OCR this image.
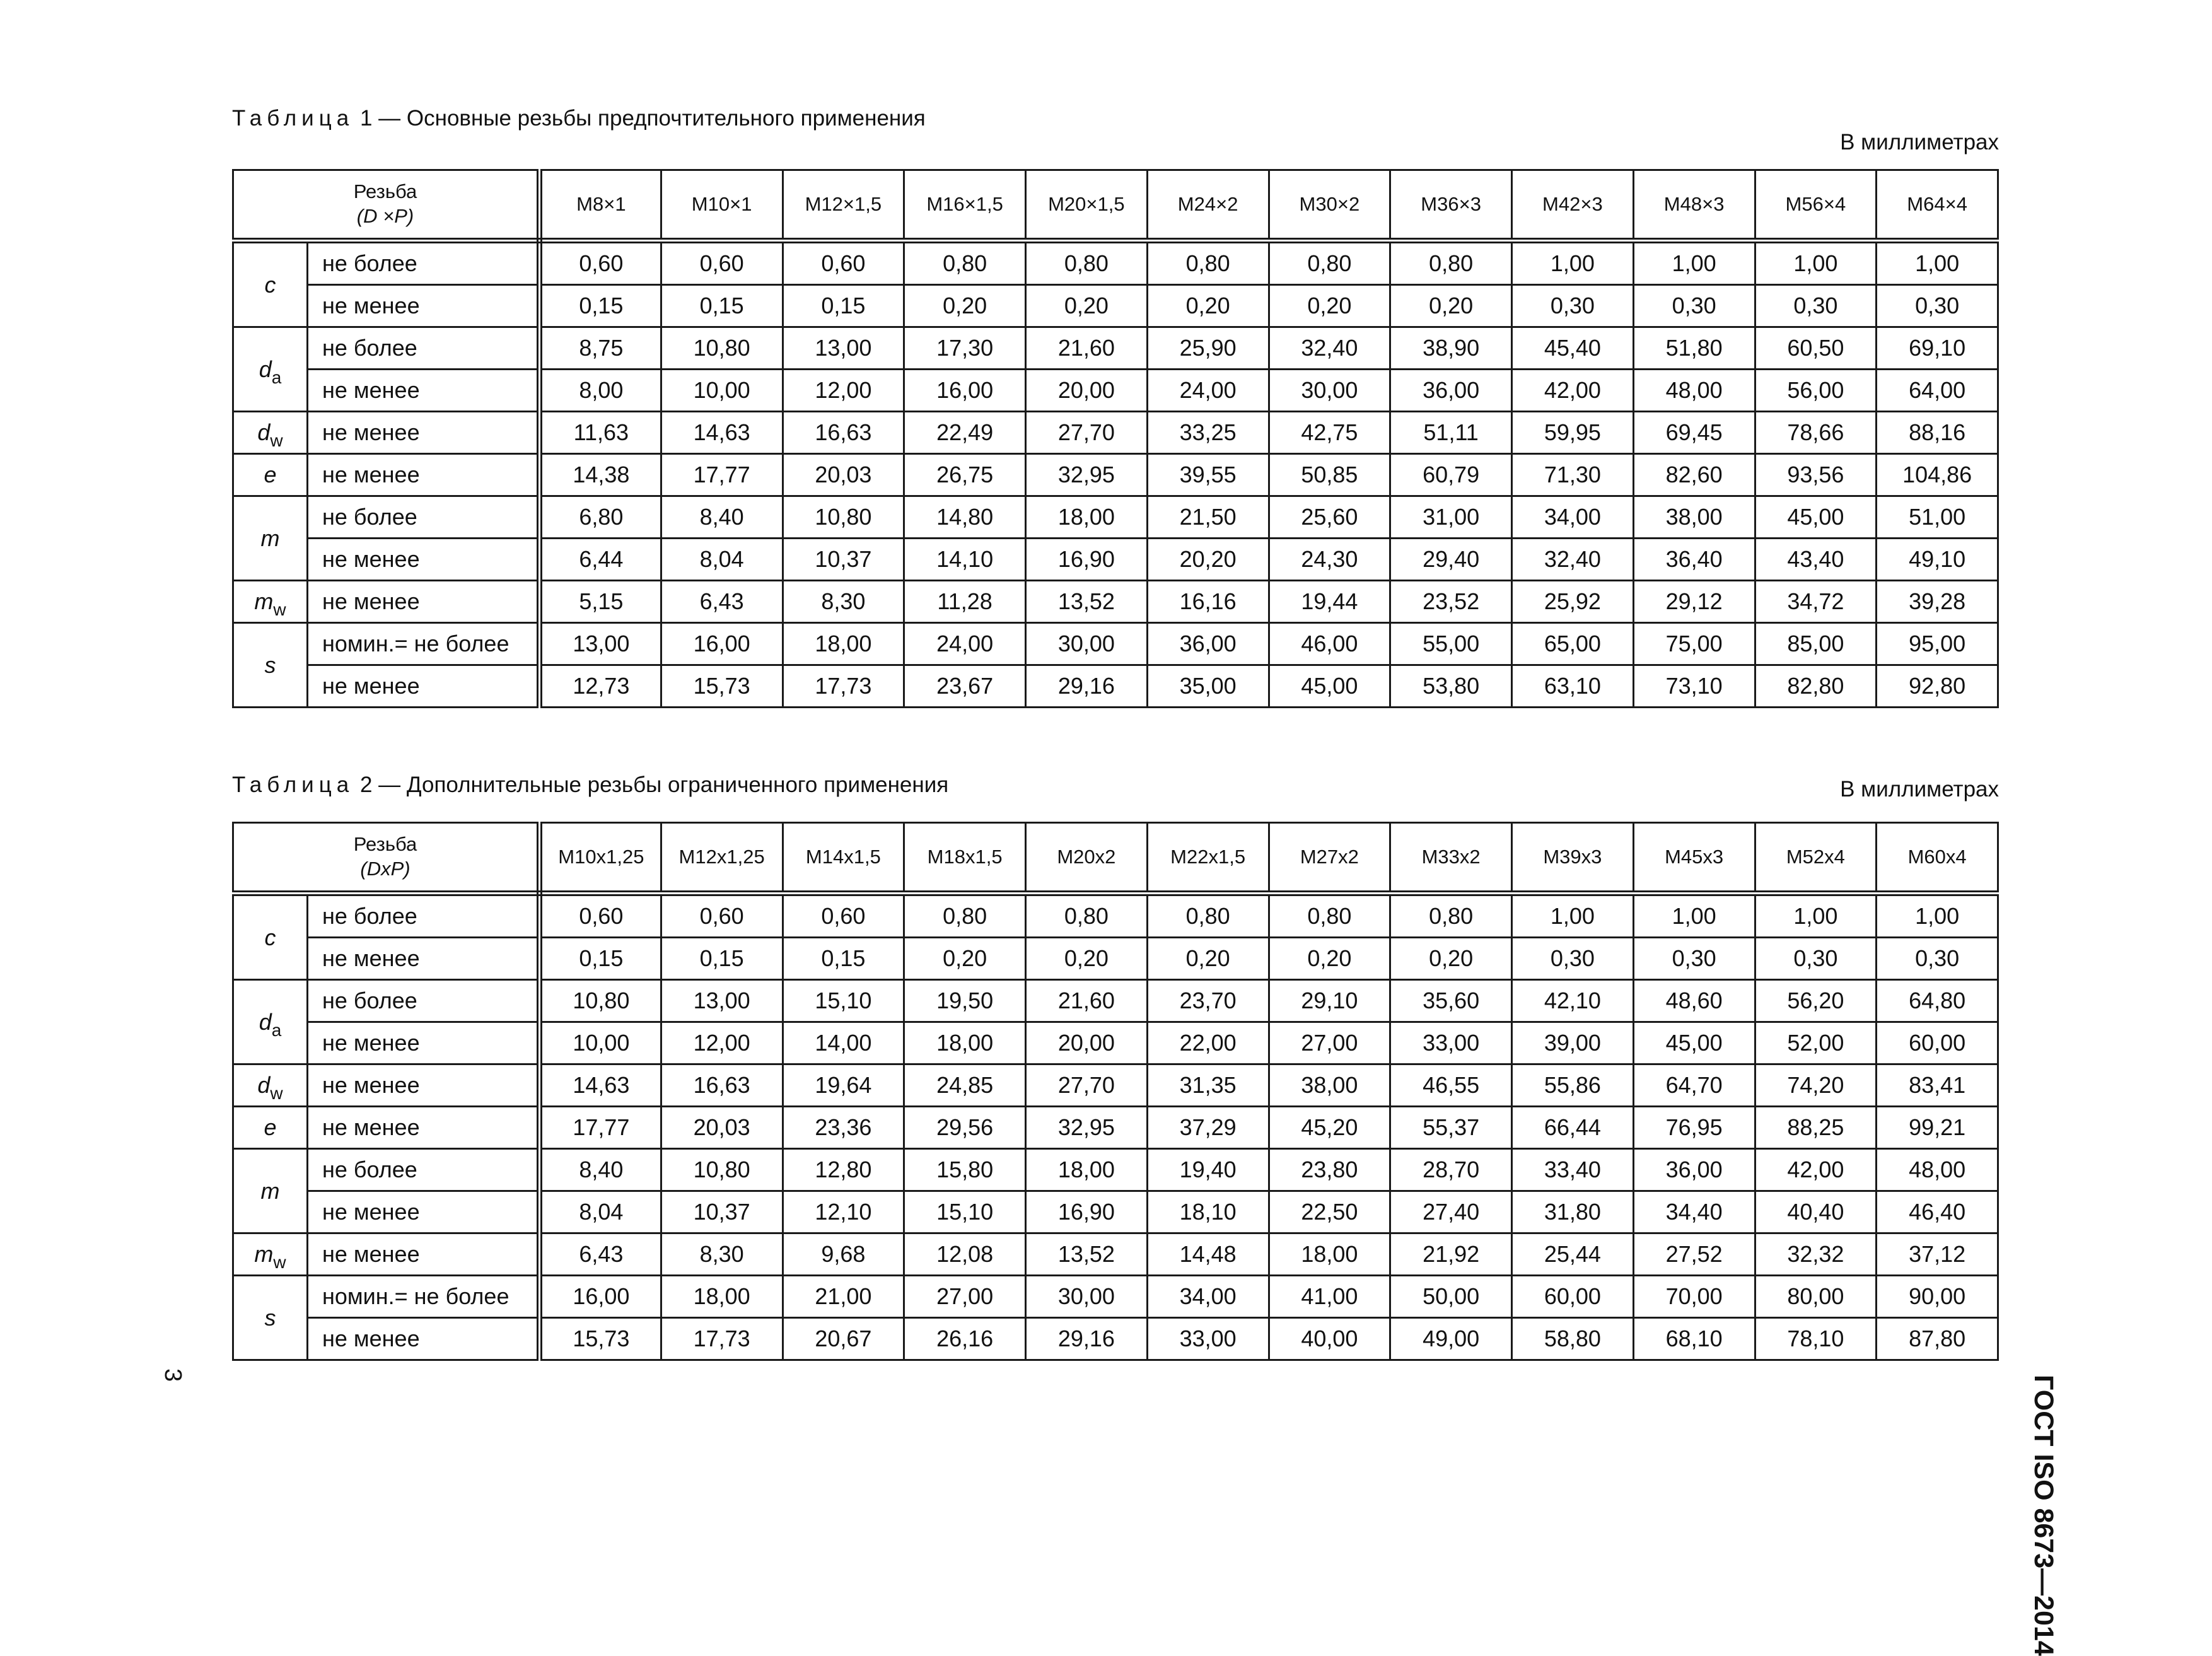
Таблица 1 — Основные резьбы предпочтительного применения
В миллиметрах
Резьба
(D ×P)		M8×1	M10×1	M12×1,5	M16×1,5	M20×1,5	M24×2	M30×2	M36×3	M42×3	M48×3	M56×4	M64×4
c	не более	0,60	0,60	0,60	0,80	0,80	0,80	0,80	0,80	1,00	1,00	1,00	1,00
	не менее	0,15	0,15	0,15	0,20	0,20	0,20	0,20	0,20	0,30	0,30	0,30	0,30
$d_a$	не более	8,75	10,80	13,00	17,30	21,60	25,90	32,40	38,90	45,40	51,80	60,50	69,10
	не менее	8,00	10,00	12,00	16,00	20,00	24,00	30,00	36,00	42,00	48,00	56,00	64,00
$d_w$	не менее	11,63	14,63	16,63	22,49	27,70	33,25	42,75	51,11	59,95	69,45	78,66	88,16
e	не менее	14,38	17,77	20,03	26,75	32,95	39,55	50,85	60,79	71,30	82,60	93,56	104,86
m	не более	6,80	8,40	10,80	14,80	18,00	21,50	25,60	31,00	34,00	38,00	45,00	51,00
	не менее	6,44	8,04	10,37	14,10	16,90	20,20	24,30	29,40	32,40	36,40	43,40	49,10
$m_w$	не менее	5,15	6,43	8,30	11,28	13,52	16,16	19,44	23,52	25,92	29,12	34,72	39,28
s	номин.= не более	13,00	16,00	18,00	24,00	30,00	36,00	46,00	55,00	65,00	75,00	85,00	95,00
	не менее	12,73	15,73	17,73	23,67	29,16	35,00	45,00	53,80	63,10	73,10	82,80	92,80
Таблица 2 — Дополнительные резьбы ограниченного применения	В миллиметрах
Резьба
(DxP)		M10x1,25	M12x1,25	M14x1,5	M18x1,5	M20x2	M22x1,5	M27x2	M33x2	M39x3	M45x3	M52x4	M60x4
c	не более	0,60	0,60	0,60	0,80	0,80	0,80	0,80	0,80	1,00	1,00	1,00	1,00
	не менее	0,15	0,15	0,15	0,20	0,20	0,20	0,20	0,20	0,30	0,30	0,30	0,30
$d_a$	не более	10,80	13,00	15,10	19,50	21,60	23,70	29,10	35,60	42,10	48,60	56,20	64,80
	не менее	10,00	12,00	14,00	18,00	20,00	22,00	27,00	33,00	39,00	45,00	52,00	60,00
$d_w$	не менее	14,63	16,63	19,64	24,85	27,70	31,35	38,00	46,55	55,86	64,70	74,20	83,41
e	не менее	17,77	20,03	23,36	29,56	32,95	37,29	45,20	55,37	66,44	76,95	88,25	99,21
m	не более	8,40	10,80	12,80	15,80	18,00	19,40	23,80	28,70	33,40	36,00	42,00	48,00
	не менее	8,04	10,37	12,10	15,10	16,90	18,10	22,50	27,40	31,80	34,40	40,40	46,40
$m_w$	не менее	6,43	8,30	9,68	12,08	13,52	14,48	18,00	21,92	25,44	27,52	32,32	37,12
s	номин.= не более	16,00	18,00	21,00	27,00	30,00	34,00	41,00	50,00	60,00	70,00	80,00	90,00
	не менее	15,73	17,73	20,67	26,16	29,16	33,00	40,00	49,00	58,80	68,10	78,10	87,80
ГОСТ ISO 8673—2014
3
